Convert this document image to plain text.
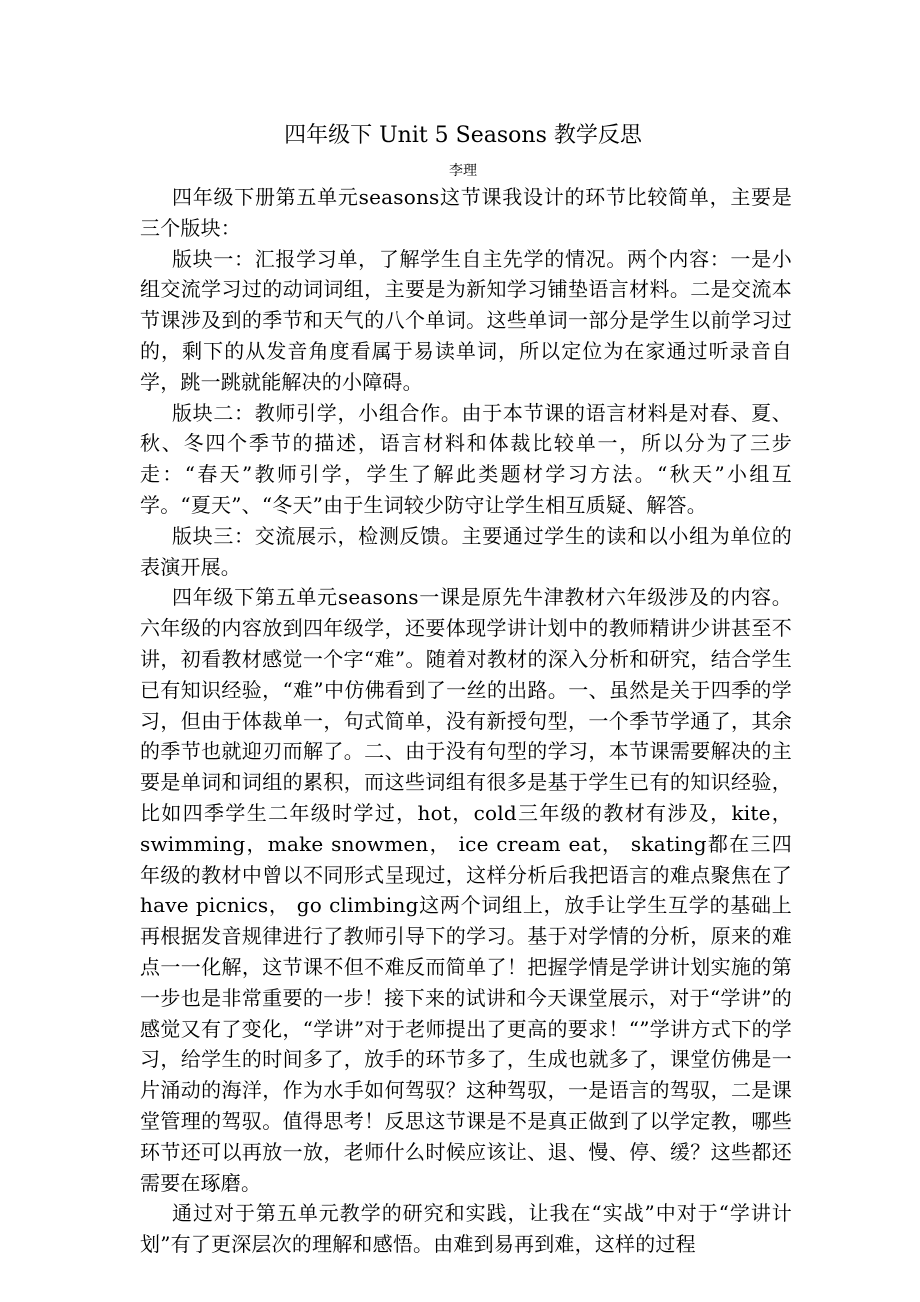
四年级下 Unit 5 Seasons 教学反思
李理

四年级下册第五单元seasons这节课我设计的环节比较简单，主要是三个版块：

版块一：汇报学习单，了解学生自主先学的情况。两个内容：一是小组交流学习过的动词词组，主要是为新知学习铺垫语言材料。二是交流本节课涉及到的季节和天气的八个单词。这些单词一部分是学生以前学习过的，剩下的从发音角度看属于易读单词，所以定位为在家通过听录音自学，跳一跳就能解决的小障碍。

版块二：教师引学，小组合作。由于本节课的语言材料是对春、夏、秋、冬四个季节的描述，语言材料和体裁比较单一，所以分为了三步走：“春天”教师引学，学生了解此类题材学习方法。“秋天”小组互学。“夏天”、“冬天”由于生词较少防守让学生相互质疑、解答。

版块三：交流展示，检测反馈。主要通过学生的读和以小组为单位的表演开展。

四年级下第五单元seasons一课是原先牛津教材六年级涉及的内容。六年级的内容放到四年级学，还要体现学讲计划中的教师精讲少讲甚至不讲，初看教材感觉一个字“难”。随着对教材的深入分析和研究，结合学生已有知识经验，“难”中仿佛看到了一丝的出路。一、虽然是关于四季的学习，但由于体裁单一，句式简单，没有新授句型，一个季节学通了，其余的季节也就迎刃而解了。二、由于没有句型的学习，本节课需要解决的主要是单词和词组的累积，而这些词组有很多是基于学生已有的知识经验，比如四季学生二年级时学过，hot，cold三年级的教材有涉及，kite，swimming，make snowmen， ice cream eat， skating都在三四年级的教材中曾以不同形式呈现过，这样分析后我把语言的难点聚焦在了have picnics， go climbing这两个词组上，放手让学生互学的基础上再根据发音规律进行了教师引导下的学习。基于对学情的分析，原来的难点一一化解，这节课不但不难反而简单了！把握学情是学讲计划实施的第一步也是非常重要的一步！接下来的试讲和今天课堂展示，对于“学讲”的感觉又有了变化，“学讲”对于老师提出了更高的要求！“”学讲方式下的学习，给学生的时间多了，放手的环节多了，生成也就多了，课堂仿佛是一片涌动的海洋，作为水手如何驾驭？这种驾驭，一是语言的驾驭，二是课堂管理的驾驭。值得思考！反思这节课是不是真正做到了以学定教，哪些环节还可以再放一放，老师什么时候应该让、退、慢、停、缓？这些都还需要在琢磨。

通过对于第五单元教学的研究和实践，让我在“实战”中对于“学讲计划”有了更深层次的理解和感悟。由难到易再到难，这样的过程
